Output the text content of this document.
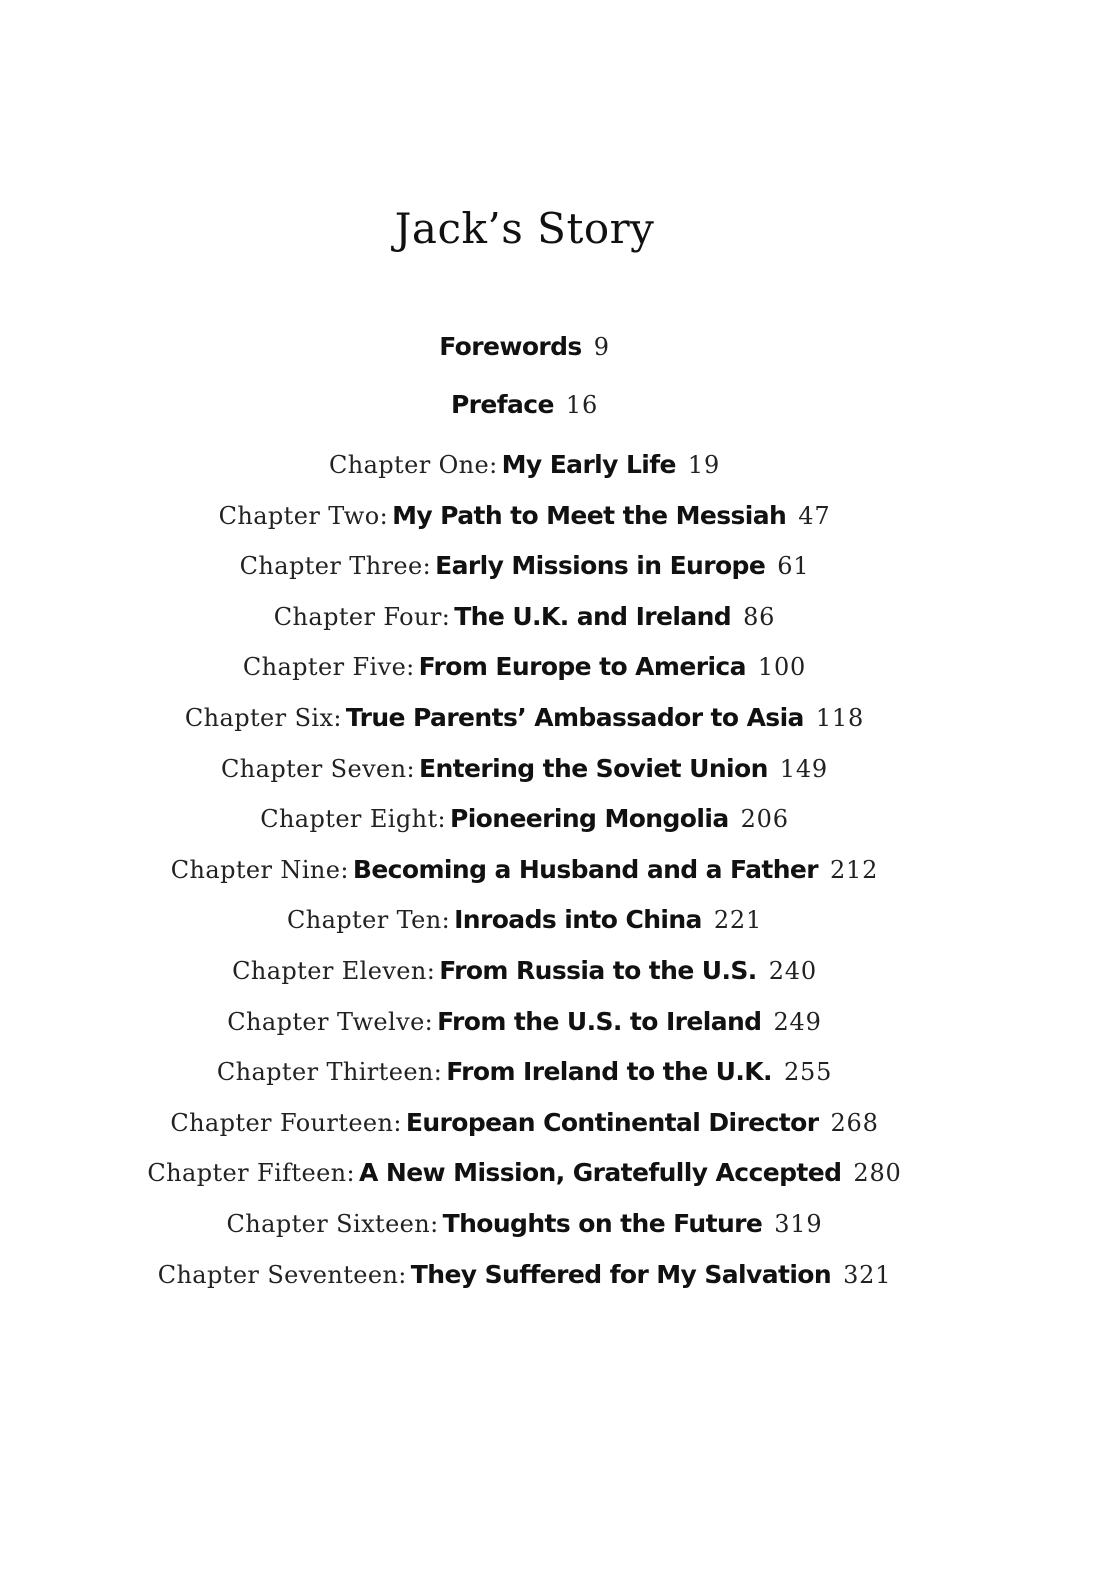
Jack’s Story
Forewords 9
Preface 16
Chapter One: My Early Life 19
Chapter Two: My Path to Meet the Messiah 47
Chapter Three: Early Missions in Europe 61
Chapter Four: The U.K. and Ireland 86
Chapter Five: From Europe to America 100
Chapter Six: True Parents’ Ambassador to Asia 118
Chapter Seven: Entering the Soviet Union 149
Chapter Eight: Pioneering Mongolia 206
Chapter Nine: Becoming a Husband and a Father 212
Chapter Ten: Inroads into China 221
Chapter Eleven: From Russia to the U.S. 240
Chapter Twelve: From the U.S. to Ireland 249
Chapter Thirteen: From Ireland to the U.K. 255
Chapter Fourteen: European Continental Director 268
Chapter Fifteen: A New Mission, Gratefully Accepted 280
Chapter Sixteen: Thoughts on the Future 319
Chapter Seventeen: They Suffered for My Salvation 321
